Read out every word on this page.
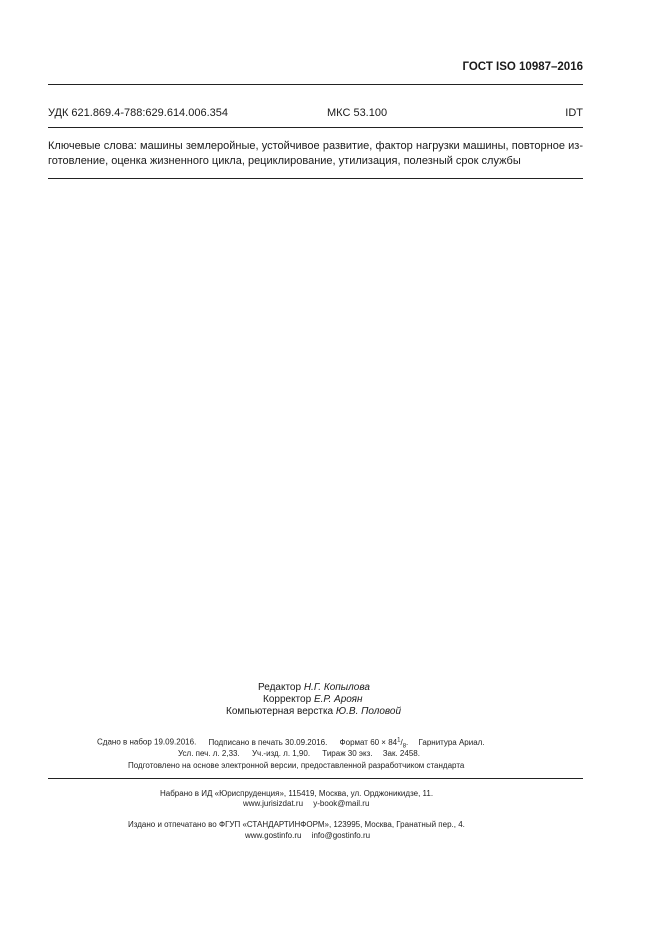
ГОСТ ISO 10987–2016
УДК 621.869.4-788:629.614.006.354	МКС 53.100	IDT
Ключевые слова: машины землеройные, устойчивое развитие, фактор нагрузки машины, повторное из-
готовление, оценка жизненного цикла, рециклирование, утилизация, полезный срок службы
Редактор Н.Г. Копылова
Корректор Е.Р. Ароян
Компьютерная верстка Ю.В. Половой
Сдано в набор 19.09.2016. Подписано в печать 30.09.2016. Формат $60 \times 84^1/_8$. Гарнитура Ариал.
Усл. печ. л. 2,33. Уч.-изд. л. 1,90. Тираж 30 экз. Зак. 2458.
Подготовлено на основе электронной версии, предоставленной разработчиком стандарта
Набрано в ИД «Юриспруденция», 115419, Москва, ул. Орджоникидзе, 11.
www.jurisizdat.ru y-book@mail.ru
Издано и отпечатано во ФГУП «СТАНДАРТИНФОРМ», 123995, Москва, Гранатный пер., 4.
www.gostinfo.ru info@gostinfo.ru
